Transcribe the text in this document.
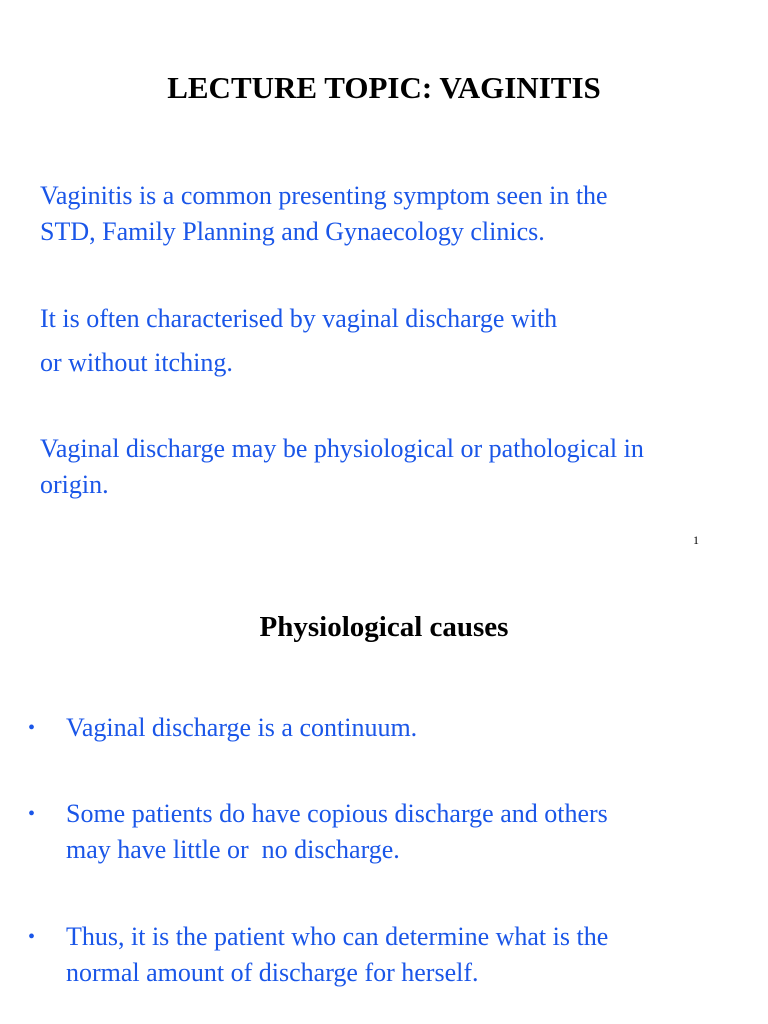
LECTURE TOPIC: VAGINITIS
Vaginitis is a common presenting symptom seen in the
STD, Family Planning and Gynaecology clinics.
It is often characterised by vaginal discharge with
or without itching.
Vaginal discharge may be physiological or pathological in
origin.
1
Physiological causes
• Vaginal discharge is a continuum.
• Some patients do have copious discharge and others
may have little or  no discharge.
• Thus, it is the patient who can determine what is the
normal amount of discharge for herself.
